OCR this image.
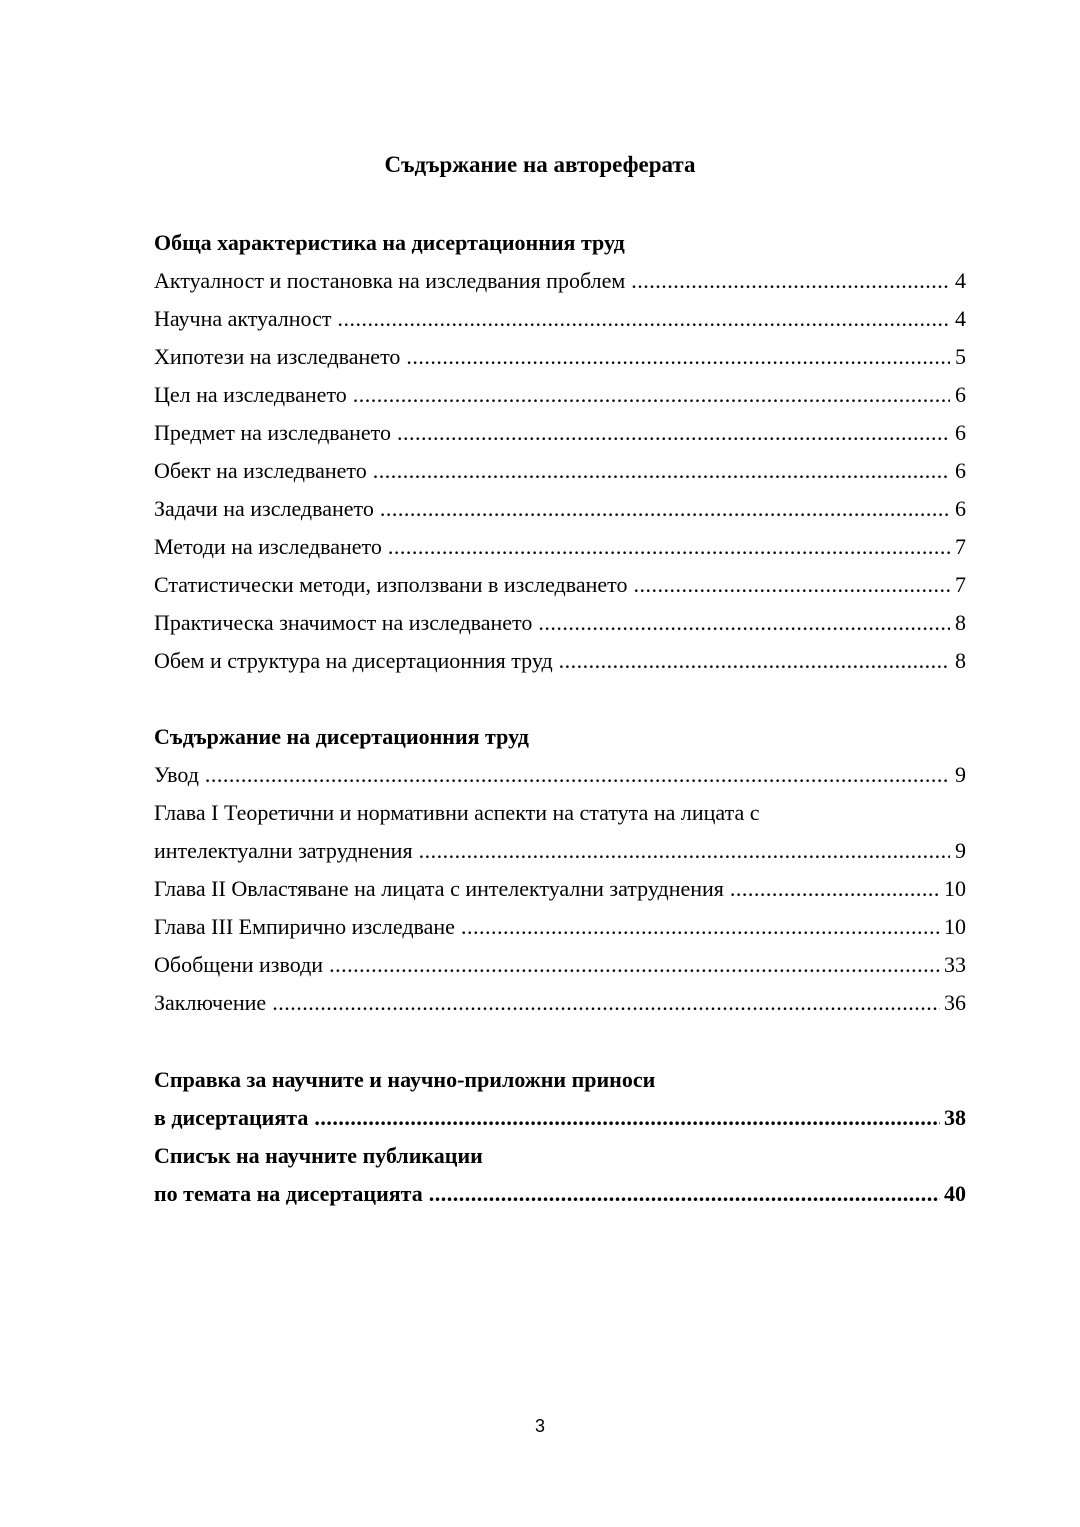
Съдържание на автореферата
Обща характеристика на дисертационния труд
Актуалност и постановка на изследвания проблем .....	4
Научна актуалност .....	4
Хипотези на изследването .....	5
Цел на изследването .....	6
Предмет на изследването .....	6
Обект на изследването .....	6
Задачи на изследването .....	6
Методи на изследването .....	7
Статистически методи, използвани в изследването .....	7
Практическа значимост на изследването .....	8
Обем и структура на дисертационния труд .....	8
Съдържание на дисертационния труд
Увод .....	9
Глава I Теоретични и нормативни аспекти на статута на лицата с
интелектуални затруднения .....	9
Глава II Овластяване на лицата с интелектуални затруднения .....	10
Глава III Емпирично изследване .....	10
Обобщени изводи .....	33
Заключение .....	36
Справка за научните и научно-приложни приноси
в дисертацията .....	38
Списък на научните публикации
по темата на дисертацията .....	40
3
